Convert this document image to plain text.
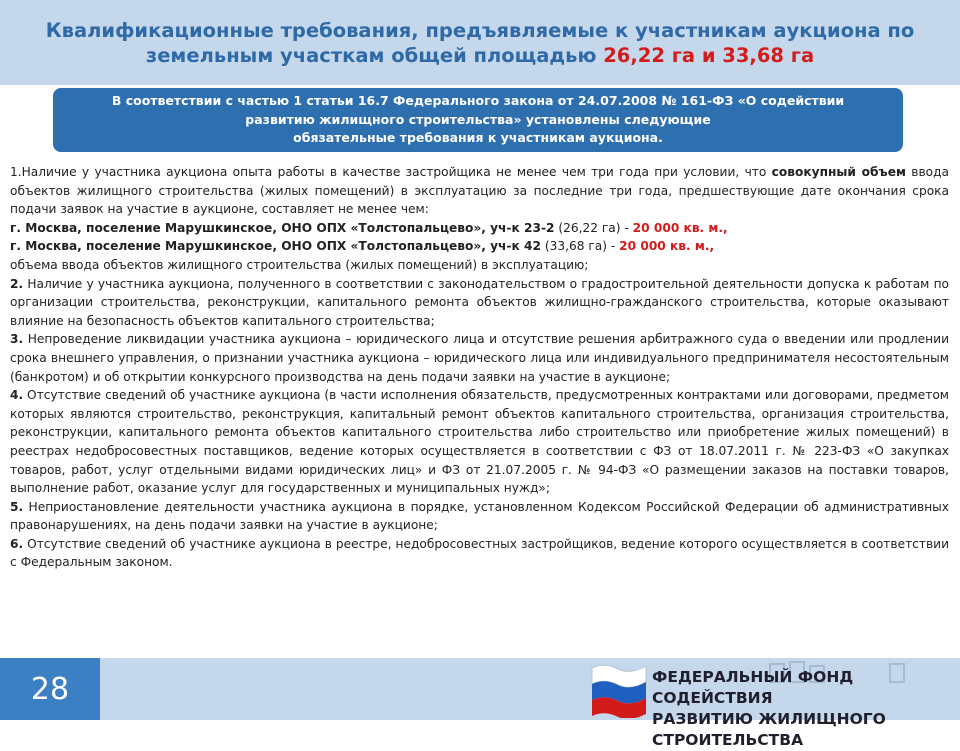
Квалификационные требования, предъявляемые к участникам аукциона по
земельным участкам общей площадью 26,22 га и 33,68 га
В соответствии с частью 1 статьи 16.7 Федерального закона от 24.07.2008 № 161-ФЗ «О содействии
развитию жилищного строительства» установлены следующие
обязательные требования к участникам аукциона.

1.Наличие у участника аукциона опыта работы в качестве застройщика не менее чем три года при условии, что совокупный объем ввода объектов жилищного строительства (жилых помещений) в эксплуатацию за последние три года, предшествующие дате окончания срока подачи заявок на участие в аукционе, составляет не менее чем:

г. Москва, поселение Марушкинское, ОНО ОПХ «Толстопальцево», уч-к 23-2 (26,22 га) - 20 000 кв. м.,

г. Москва, поселение Марушкинское, ОНО ОПХ «Толстопальцево», уч-к 42 (33,68 га) - 20 000 кв. м.,

объема ввода объектов жилищного строительства (жилых помещений) в эксплуатацию;

2. Наличие у участника аукциона, полученного в соответствии с законодательством о градостроительной деятельности допуска к работам по организации строительства, реконструкции, капитального ремонта объектов жилищно-гражданского строительства, которые оказывают влияние на безопасность объектов капитального строительства;

3. Непроведение ликвидации участника аукциона – юридического лица и отсутствие решения арбитражного суда о введении или продлении срока внешнего управления, о признании участника аукциона – юридического лица или индивидуального предпринимателя несостоятельным (банкротом) и об открытии конкурсного производства на день подачи заявки на участие в аукционе;

4. Отсутствие сведений об участнике аукциона (в части исполнения обязательств, предусмотренных контрактами или договорами, предметом которых являются строительство, реконструкция, капитальный ремонт объектов капитального строительства, организация строительства, реконструкции, капитального ремонта объектов капитального строительства либо строительство или приобретение жилых помещений) в реестрах недобросовестных поставщиков, ведение которых осуществляется в соответствии с ФЗ от 18.07.2011 г. № 223-ФЗ «О закупках товаров, работ, услуг отдельными видами юридических лиц» и ФЗ от 21.07.2005 г. № 94-ФЗ «О размещении заказов на поставки товаров, выполнение работ, оказание услуг для государственных и муниципальных нужд»;

5. Неприостановление деятельности участника аукциона в порядке, установленном Кодексом Российской Федерации об административных правонарушениях, на день подачи заявки на участие в аукционе;

6. Отсутствие сведений об участнике аукциона в реестре, недобросовестных застройщиков, ведение которого осуществляется в соответствии с Федеральным законом.

28	ФЕДЕРАЛЬНЫЙ ФОНД СОДЕЙСТВИЯ
РАЗВИТИЮ ЖИЛИЩНОГО СТРОИТЕЛЬСТВА
